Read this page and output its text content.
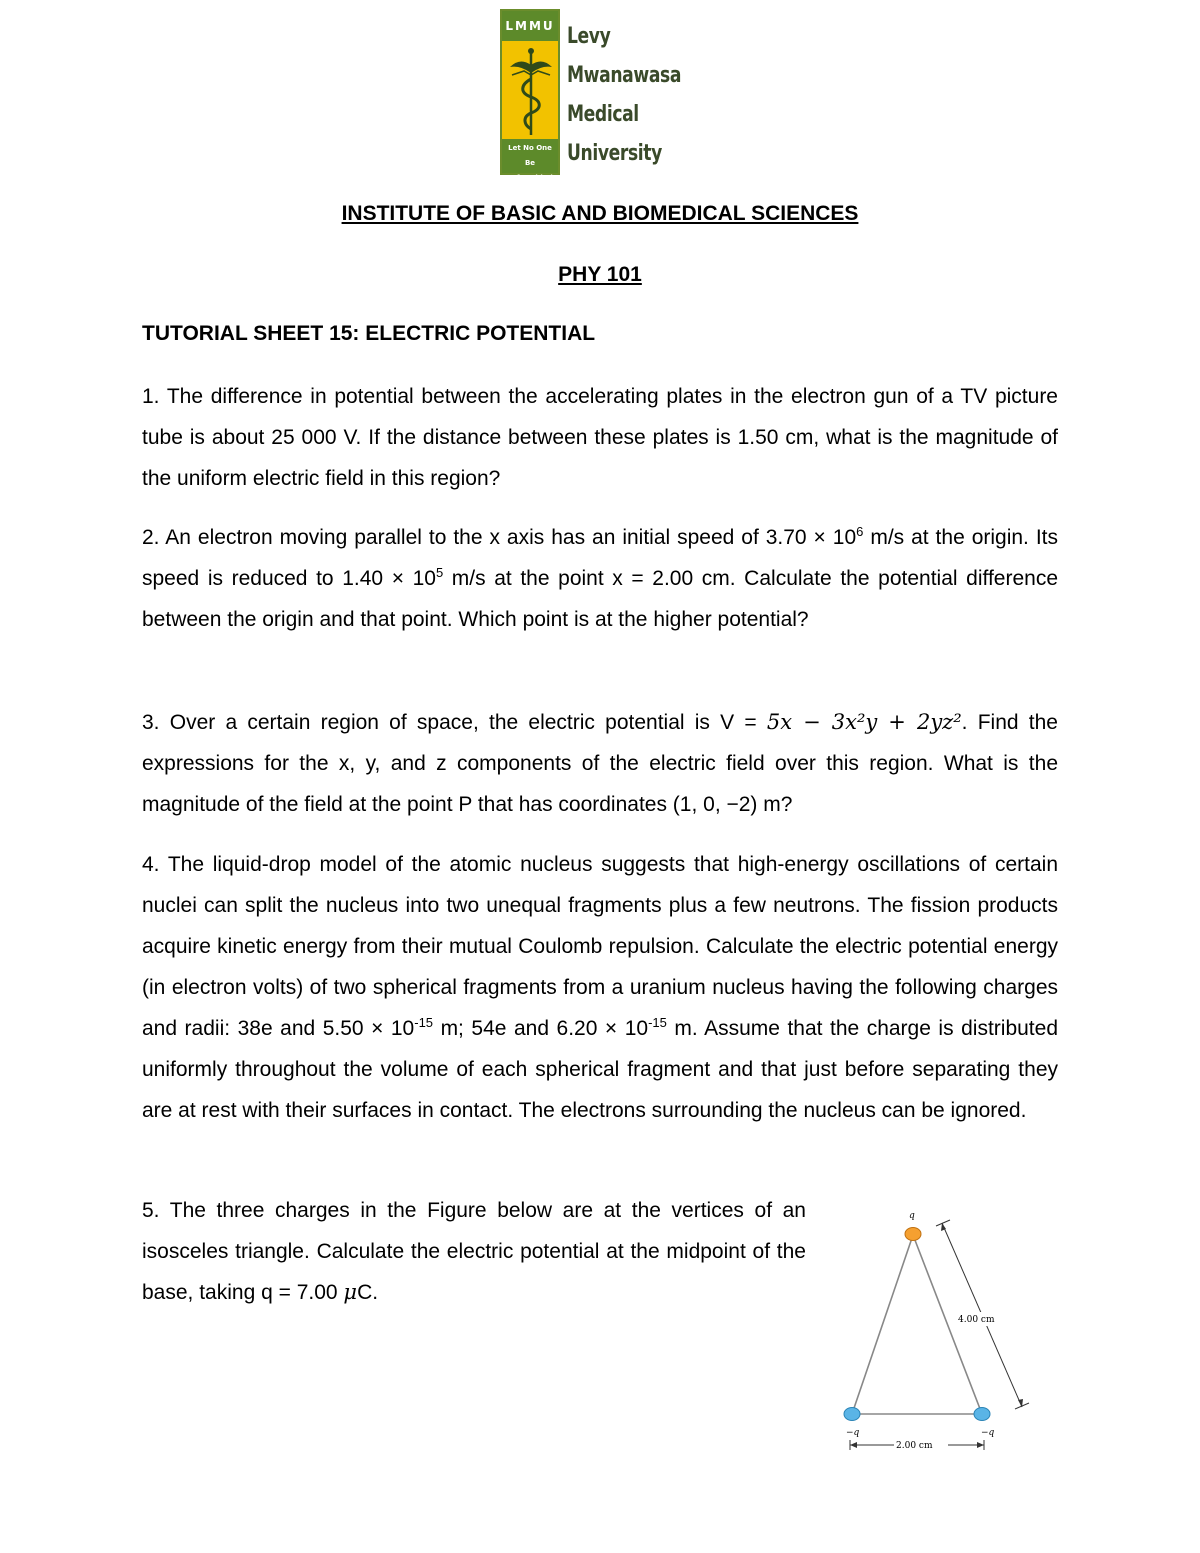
LMMU
Let No One Be
Left Behind
Levy
Mwanawasa
Medical
University
INSTITUTE OF BASIC AND BIOMEDICAL SCIENCES
PHY 101
TUTORIAL SHEET 15: ELECTRIC POTENTIAL
1. The difference in potential between the accelerating plates in the electron gun of a TV picture tube is about 25 000 V. If the distance between these plates is 1.50 cm, what is the magnitude of the uniform electric field in this region?
2. An electron moving parallel to the x axis has an initial speed of $3.70 \times 10^6$ m/s at the origin. Its speed is reduced to $1.40 \times 10^5$ m/s at the point x = 2.00 cm. Calculate the potential difference between the origin and that point. Which point is at the higher potential?
3. Over a certain region of space, the electric potential is V = 5x − 3x²y + 2yz². Find the expressions for the x, y, and z components of the electric field over this region. What is the magnitude of the field at the point P that has coordinates (1, 0, −2) m?
4. The liquid-drop model of the atomic nucleus suggests that high-energy oscillations of certain nuclei can split the nucleus into two unequal fragments plus a few neutrons. The fission products acquire kinetic energy from their mutual Coulomb repulsion. Calculate the electric potential energy (in electron volts) of two spherical fragments from a uranium nucleus having the following charges and radii: 38e and $5.50 \times 10^{-15}$ m; 54e and $6.20 \times 10^{-15}$ m. Assume that the charge is distributed uniformly throughout the volume of each spherical fragment and that just before separating they are at rest with their surfaces in contact. The electrons surrounding the nucleus can be ignored.
5. The three charges in the Figure below are at the vertices of an isosceles triangle. Calculate the electric potential at the midpoint of the base, taking q = 7.00 μC.
4.00 cm
2.00 cm
q
−q	−q
